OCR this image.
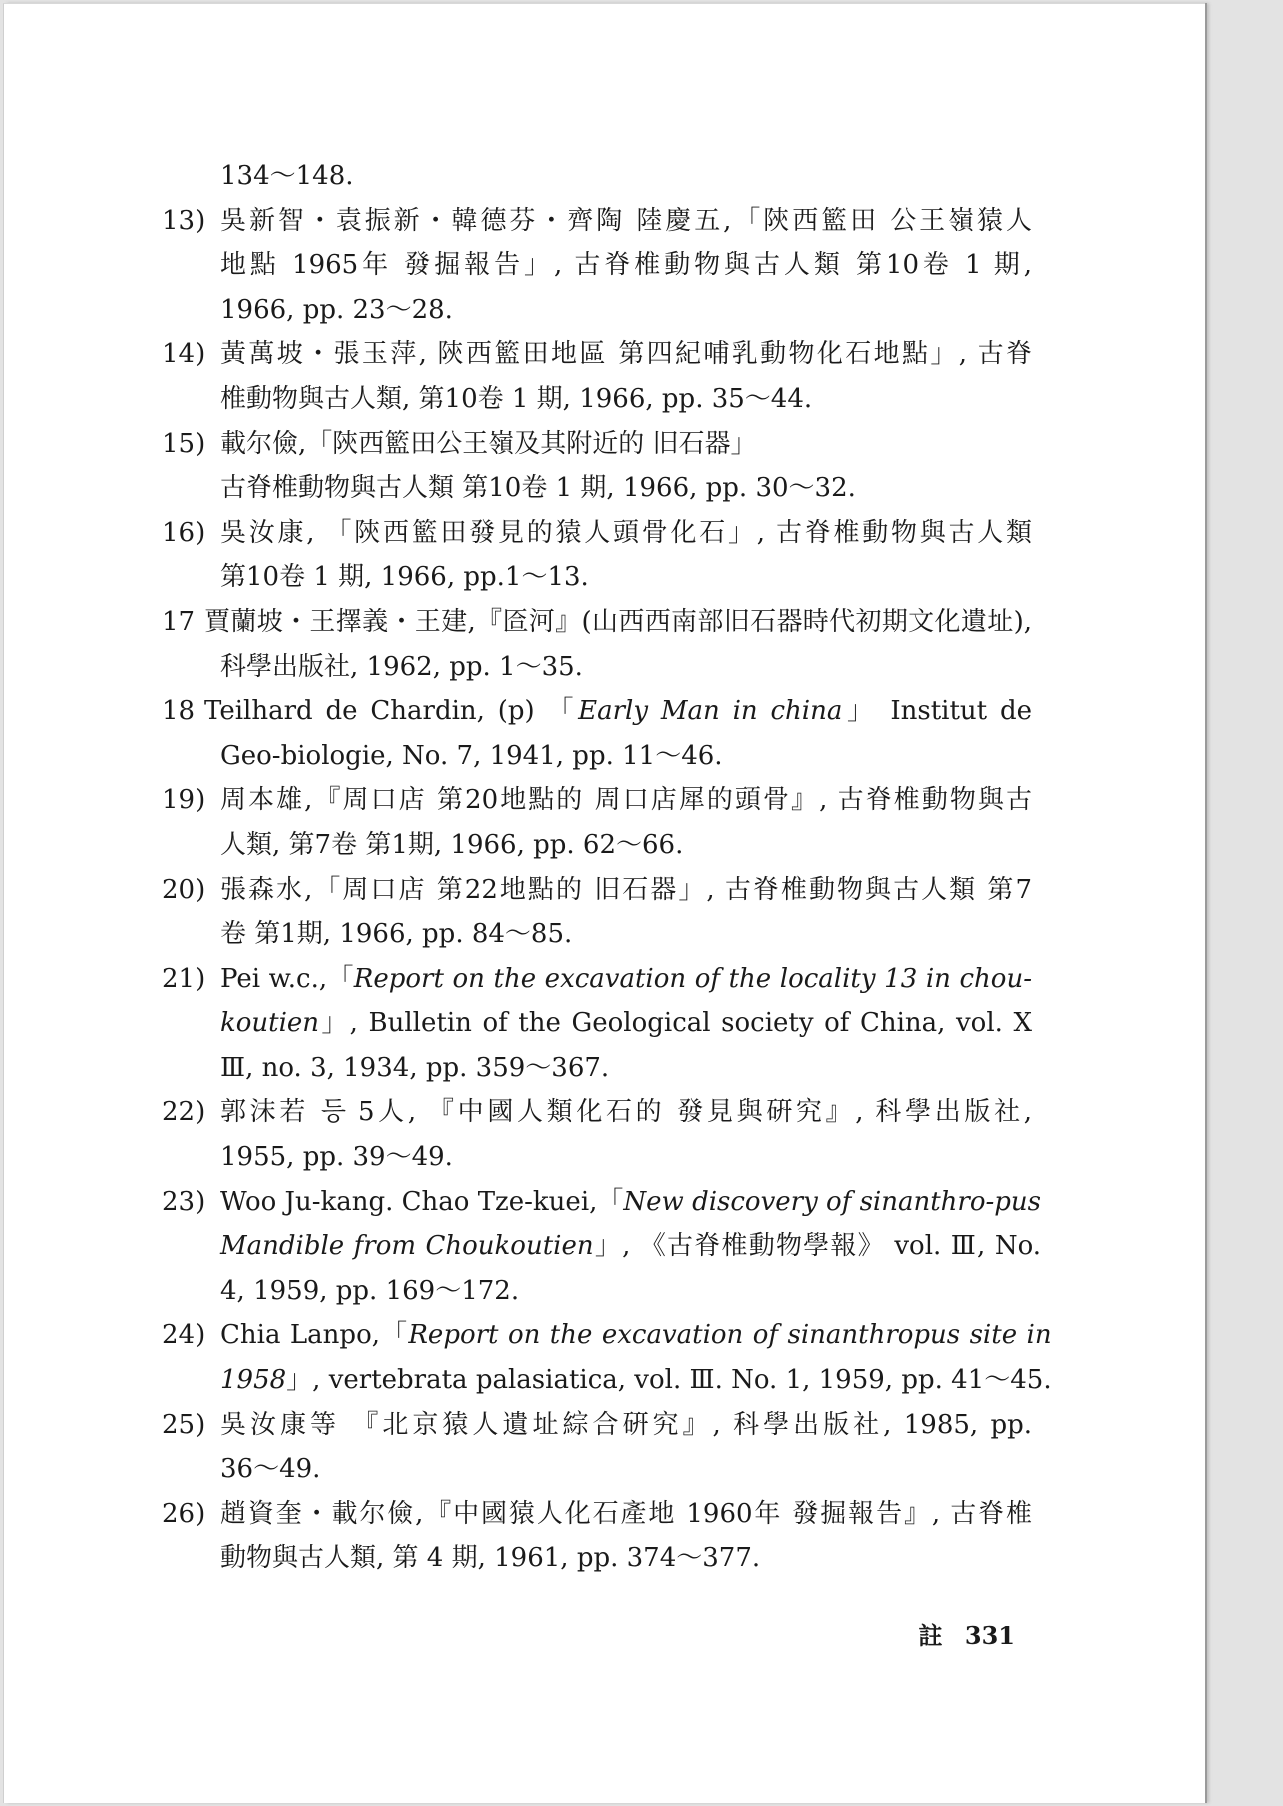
134～148.
13) 吳新智・袁振新・韓德芬・齊陶 陸慶五,「陝西籃田 公王嶺猿人
地點 1965年 發掘報告」, 古脊椎動物與古人類 第10卷 1 期,
1966, pp. 23～28.
14) 黃萬坡・張玉萍, 陝西籃田地區 第四紀哺乳動物化石地點」, 古脊
椎動物與古人類, 第10卷 1 期, 1966, pp. 35～44.
15) 載尔儉,「陝西籃田公王嶺及其附近的 旧石器」
古脊椎動物與古人類 第10卷 1 期, 1966, pp. 30～32.
16) 吳汝康, 「陝西籃田發見的猿人頭骨化石」, 古脊椎動物與古人類
第10卷 1 期, 1966, pp.1～13.
17 賈蘭坡・王擇義・王建,『匼河』(山西西南部旧石器時代初期文化遺址),
科學出版社, 1962, pp. 1～35.
18 Teilhard de Chardin, (p) 「Early Man in china」 Institut de
Geo-biologie, No. 7, 1941, pp. 11～46.
19) 周本雄,『周口店 第20地點的 周口店犀的頭骨』, 古脊椎動物與古
人類, 第7卷 第1期, 1966, pp. 62～66.
20) 張森水,「周口店 第22地點的 旧石器」, 古脊椎動物與古人類 第7
卷 第1期, 1966, pp. 84～85.
21) Pei w.c.,「Report on the excavation of the locality 13 in chou-
koutien」, Bulletin of the Geological society of China, vol. X
Ⅲ, no. 3, 1934, pp. 359～367.
22) 郭沫若 등 5人, 『中國人類化石的 發見與硏究』, 科學出版社,
1955, pp. 39～49.
23) Woo Ju-kang. Chao Tze-kuei,「New discovery of sinanthro-pus
Mandible from Choukoutien」, 《古脊椎動物學報》 vol. Ⅲ, No.
4, 1959, pp. 169～172.
24) Chia Lanpo,「Report on the excavation of sinanthropus site in
1958」, vertebrata palasiatica, vol. Ⅲ. No. 1, 1959, pp. 41～45.
25) 吳汝康等 『北京猿人遺址綜合硏究』, 科學出版社, 1985, pp.
36～49.
26) 趙資奎・載尔儉,『中國猿人化石產地 1960年 發掘報告』, 古脊椎
動物與古人類, 第 4 期, 1961, pp. 374～377.
註 331
